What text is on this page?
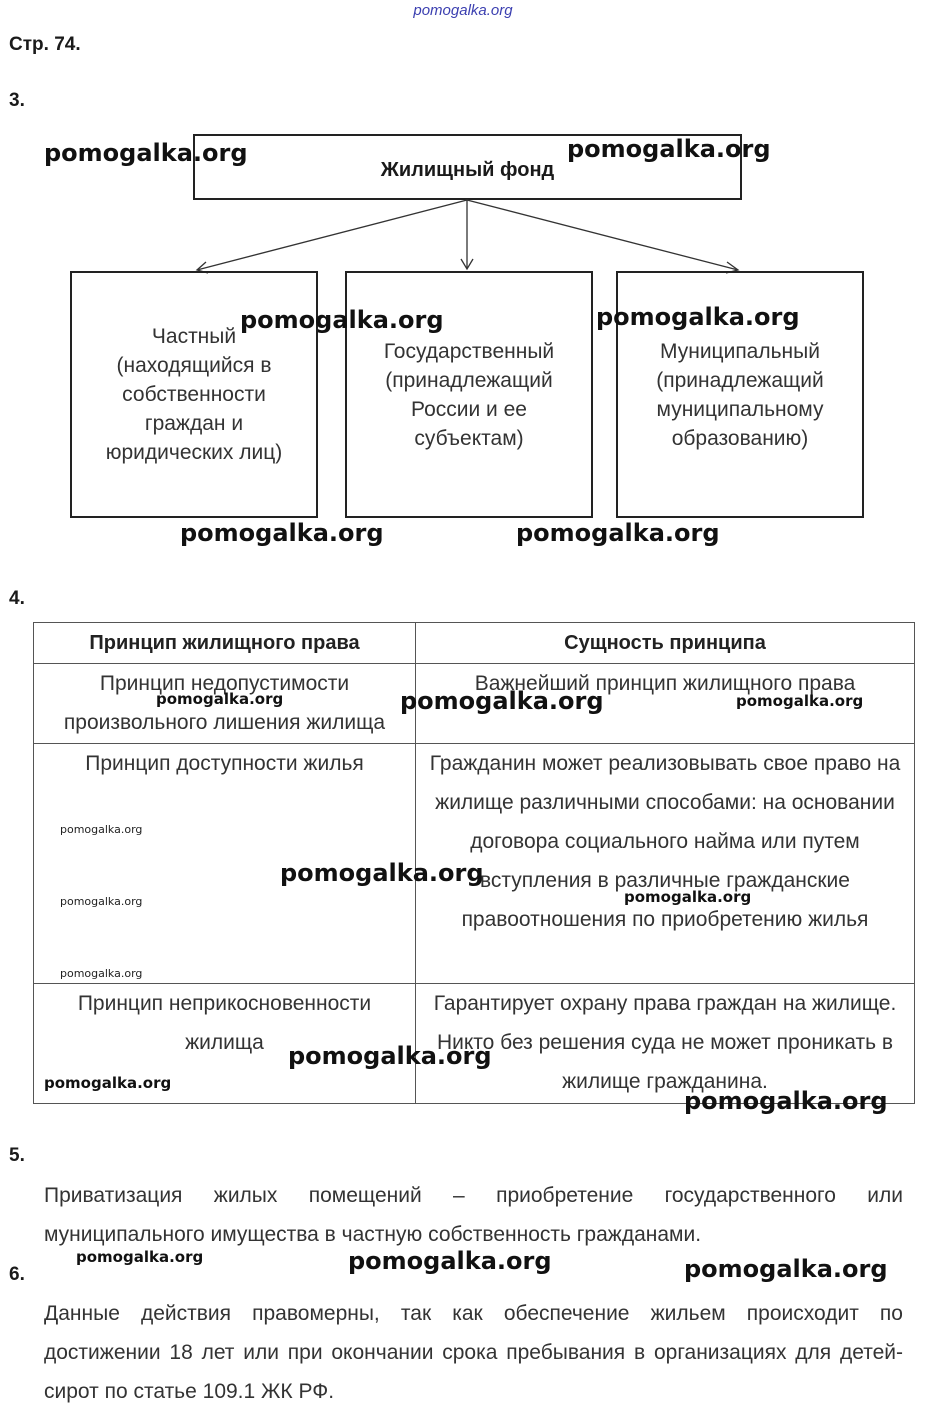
pomogalka.org
Стр. 74.
3.
Жилищный фонд
Частный
(находящийся в
собственности
граждан и
юридических лиц)
Государственный
(принадлежащий
России и ее
субъектам)
Муниципальный
(принадлежащий
муниципальному
образованию)
4.
Принцип жилищного права	Сущность принципа
Принцип недопустимости произвольного лишения жилища	Важнейший принцип жилищного права
Принцип доступности жилья	Гражданин может реализовывать свое право на жилище различными способами: на основании договора социального найма или путем вступления в различные гражданские правоотношения по приобретению жилья
Принцип неприкосновенности жилища	Гарантирует охрану права граждан на жилище. Никто без решения суда не может проникать в жилище гражданина.
5.
Приватизация жилых помещений – приобретение государственного или муниципального имущества в частную собственность гражданами.
6.
Данные действия правомерны, так как обеспечение жильем происходит по достижении 18 лет или при окончании срока пребывания в организациях для детей-сирот по статье 109.1 ЖК РФ.
pomogalka.org	pomogalka.org
pomogalka.org	pomogalka.org
pomogalka.org	pomogalka.org
pomogalka.org	pomogalka.org	pomogalka.org
pomogalka.org
pomogalka.org
pomogalka.org
pomogalka.org
pomogalka.org
pomogalka.org
pomogalka.org
pomogalka.org
pomogalka.org	pomogalka.org	pomogalka.org
